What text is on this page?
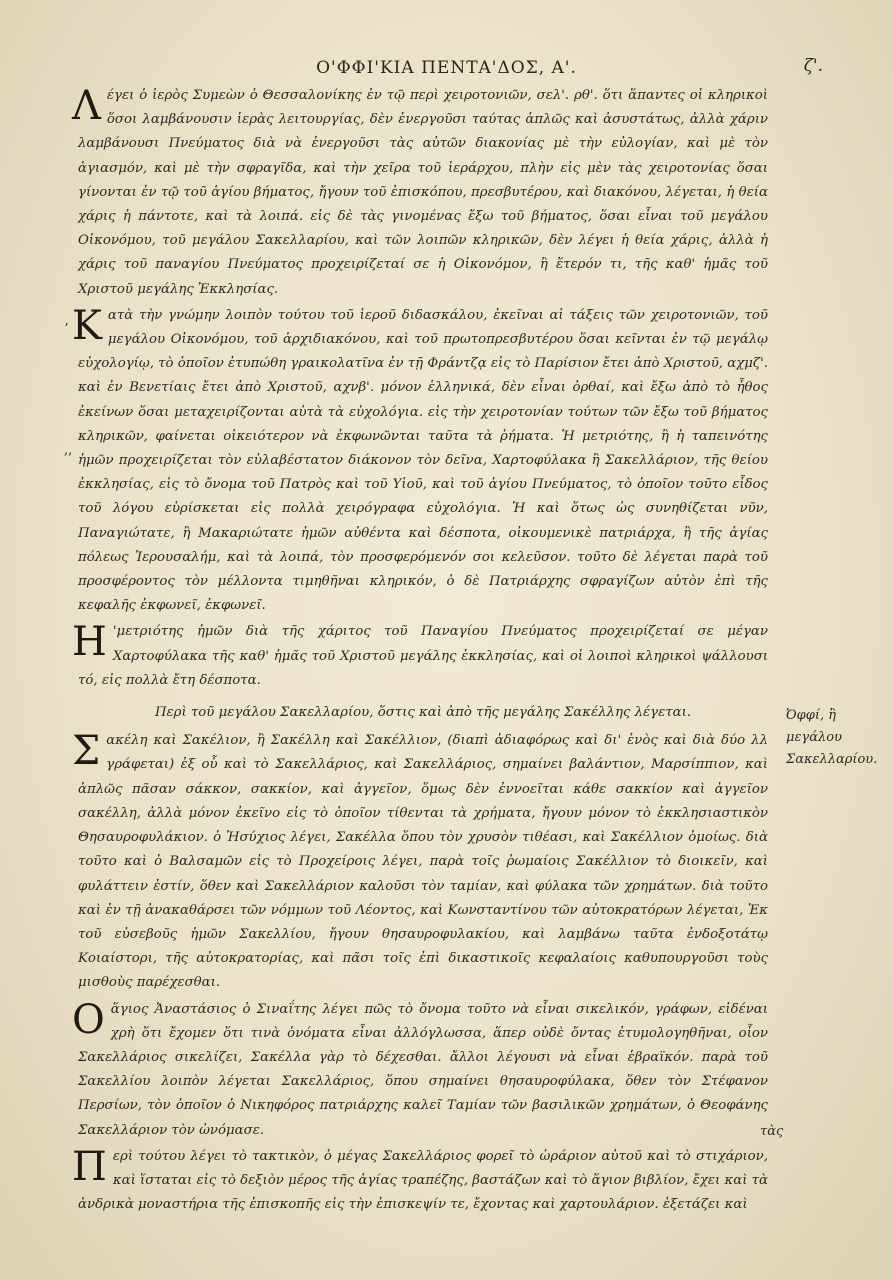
Ο'ΦΦΙ'ΚΙΑ ΠΕΝΤΑ'ΔΟΣ, Α'.	ζ'.
ʼ
,,

Λέγει ὁ ἱερὸς Συμεὼν ὁ Θεσσαλονίκης ἐν τῷ περὶ χειροτονιῶν, σελ'. ρθ'. ὅτι ἅπαντες οἱ κληρικοὶ ὅσοι λαμβάνουσιν ἱερὰς λειτουργίας, δὲν ἐνεργοῦσι ταύτας ἁπλῶς καὶ ἀσυστάτως, ἀλλὰ χάριν λαμβάνουσι Πνεύματος διὰ νὰ ἐνεργοῦσι τὰς αὐτῶν διακονίας μὲ τὴν εὐλογίαν, καὶ μὲ τὸν ἁγιασμόν, καὶ μὲ τὴν σφραγῖδα, καὶ τὴν χεῖρα τοῦ ἱεράρχου, πλὴν εἰς μὲν τὰς χειροτονίας ὅσαι γίνονται ἐν τῷ τοῦ ἁγίου βήματος, ἤγουν τοῦ ἐπισκόπου, πρεσβυτέρου, καὶ διακόνου, λέγεται, ἡ θεία χάρις ἡ πάντοτε, καὶ τὰ λοιπά. εἰς δὲ τὰς γινομένας ἔξω τοῦ βήματος, ὅσαι εἶναι τοῦ μεγάλου Οἰκονόμου, τοῦ μεγάλου Σακελλαρίου, καὶ τῶν λοιπῶν κληρικῶν, δὲν λέγει ἡ θεία χάρις, ἀλλὰ ἡ χάρις τοῦ παναγίου Πνεύματος προχειρίζεταί σε ἡ Οἰκονόμον, ἢ ἕτερόν τι, τῆς καθ' ἡμᾶς τοῦ Χριστοῦ μεγάλης Ἐκκλησίας.

Κατὰ τὴν γνώμην λοιπὸν τούτου τοῦ ἱεροῦ διδασκάλου, ἐκεῖναι αἱ τάξεις τῶν χειροτονιῶν, τοῦ μεγάλου Οἰκονόμου, τοῦ ἀρχιδιακόνου, καὶ τοῦ πρωτοπρεσβυτέρου ὅσαι κεῖνται ἐν τῷ μεγάλῳ εὐχολογίῳ, τὸ ὁποῖον ἐτυπώθη γραικολατῖνα ἐν τῇ Φράντζᾳ εἰς τὸ Παρίσιον ἔτει ἀπὸ Χριστοῦ, αχμζ'. καὶ ἐν Βενετίαις ἔτει ἀπὸ Χριστοῦ, αχνβ'. μόνον ἑλληνικά, δὲν εἶναι ὀρθαί, καὶ ἔξω ἀπὸ τὸ ἦθος ἐκείνων ὅσαι μεταχειρίζονται αὐτὰ τὰ εὐχολόγια. εἰς τὴν χειροτονίαν τούτων τῶν ἔξω τοῦ βήματος κληρικῶν, φαίνεται οἰκειότερον νὰ ἐκφωνῶνται ταῦτα τὰ ῥήματα. Ἡ μετριότης, ἢ ἡ ταπεινότης ἡμῶν προχειρίζεται τὸν εὐλαβέστατον διάκονον τὸν δεῖνα, Χαρτοφύλακα ἢ Σακελλάριον, τῆς θείου ἐκκλησίας, εἰς τὸ ὄνομα τοῦ Πατρὸς καὶ τοῦ Υἱοῦ, καὶ τοῦ ἁγίου Πνεύματος, τὸ ὁποῖον τοῦτο εἶδος τοῦ λόγου εὑρίσκεται εἰς πολλὰ χειρόγραφα εὐχολόγια. Ἡ καὶ ὅτως ὡς συνηθίζεται νῦν, Παναγιώτατε, ἢ Μακαριώτατε ἡμῶν αὐθέντα καὶ δέσποτα, οἰκουμενικὲ πατριάρχα, ἢ τῆς ἁγίας πόλεως Ἱερουσαλήμ, καὶ τὰ λοιπά, τὸν προσφερόμενόν σοι κελεῦσον. τοῦτο δὲ λέγεται παρὰ τοῦ προσφέροντος τὸν μέλλοντα τιμηθῆναι κληρικόν, ὁ δὲ Πατριάρχης σφραγίζων αὐτὸν ἐπὶ τῆς κεφαλῆς ἐκφωνεῖ, ἐκφωνεῖ.

Η 'μετριότης ἡμῶν διὰ τῆς χάριτος τοῦ Παναγίου Πνεύματος προχειρίζεταί σε μέγαν Χαρτοφύλακα τῆς καθ' ἡμᾶς τοῦ Χριστοῦ μεγάλης ἐκκλησίας, καὶ οἱ λοιποὶ κληρικοὶ ψάλλουσι τό, εἰς πολλὰ ἔτη δέσποτα.

Περὶ τοῦ μεγάλου Σακελλαρίου, ὅστις καὶ ἀπὸ τῆς μεγάλης Σακέλλης λέγεται.

Σακέλη καὶ Σακέλιον, ἢ Σακέλλη καὶ Σακέλλιον, (διαπὶ ἀδιαφόρως καὶ δι' ἑνὸς καὶ διὰ δύο λλ γράφεται) ἐξ οὗ καὶ τὸ Σακελλάριος, καὶ Σακελλάριος, σημαίνει βαλάντιον, Μαρσίππιον, καὶ ἁπλῶς πᾶσαν σάκκον, σακκίον, καὶ ἀγγεῖον, ὅμως δὲν ἐννοεῖται κάθε σακκίον καὶ ἀγγεῖον σακέλλη, ἀλλὰ μόνον ἐκεῖνο εἰς τὸ ὁποῖον τίθενται τὰ χρήματα, ἤγουν μόνον τὸ ἐκκλησιαστικὸν Θησαυροφυλάκιον. ὁ Ἡσύχιος λέγει, Σακέλλα ὅπου τὸν χρυσὸν τιθέασι, καὶ Σακέλλιον ὁμοίως. διὰ τοῦτο καὶ ὁ Βαλσαμῶν εἰς τὸ Προχείροις λέγει, παρὰ τοῖς ῥωμαίοις Σακέλλιον τὸ διοικεῖν, καὶ φυλάττειν ἐστίν, ὅθεν καὶ Σακελλάριον καλοῦσι τὸν ταμίαν, καὶ φύλακα τῶν χρημάτων. διὰ τοῦτο καὶ ἐν τῇ ἀνακαθάρσει τῶν νόμμων τοῦ Λέοντος, καὶ Κωνσταντίνου τῶν αὐτοκρατόρων λέγεται, Ἐκ τοῦ εὐσεβοῦς ἡμῶν Σακελλίου, ἤγουν θησαυροφυλακίου, καὶ λαμβάνω ταῦτα ἐνδοξοτάτῳ Κοιαίστορι, τῆς αὐτοκρατορίας, καὶ πᾶσι τοῖς ἐπὶ δικαστικοῖς κεφαλαίοις καθυπουργοῦσι τοὺς μισθοὺς παρέχεσθαι.

Οἅγιος Ἀναστάσιος ὁ Σιναΐτης λέγει πῶς τὸ ὄνομα τοῦτο νὰ εἶναι σικελικόν, γράφων, εἰδέναι χρὴ ὅτι ἔχομεν ὅτι τινὰ ὀνόματα εἶναι ἀλλόγλωσσα, ἅπερ οὐδὲ ὄντας ἐτυμολογηθῆναι, οἷον Σακελλάριος σικελίζει, Σακέλλα γὰρ τὸ δέχεσθαι. ἄλλοι λέγουσι νὰ εἶναι ἑβραϊκόν. παρὰ τοῦ Σακελλίου λοιπὸν λέγεται Σακελλάριος, ὅπου σημαίνει θησαυροφύλακα, ὅθεν τὸν Στέφανον Περσίων, τὸν ὁποῖον ὁ Νικηφόρος πατριάρχης καλεῖ Ταμίαν τῶν βασιλικῶν χρημάτων, ὁ Θεοφάνης Σακελλάριον τὸν ὠνόμασε.

Περὶ τούτου λέγει τὸ τακτικὸν, ὁ μέγας Σακελλάριος φορεῖ τὸ ὡράριον αὐτοῦ καὶ τὸ στιχάριον, καὶ ἵσταται εἰς τὸ δεξιὸν μέρος τῆς ἁγίας τραπέζης, βαστάζων καὶ τὸ ἅγιον βιβλίον, ἔχει καὶ τὰ ἀνδρικὰ μοναστήρια τῆς ἐπισκοπῆς εἰς τὴν ἐπισκεψίν τε, ἔχοντας καὶ χαρτουλάριον. ἐξετάζει καὶ

Ὀφφί, ἢ μεγάλου Σακελλαρίου.
τὰς
